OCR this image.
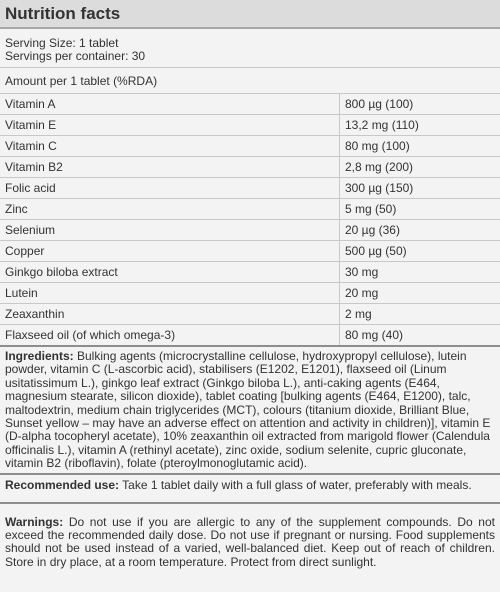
Nutrition facts
Serving Size: 1 tablet
Servings per container: 30
Amount per 1 tablet (%RDA)
Vitamin A	800 µg (100)
Vitamin E	13,2 mg (110)
Vitamin C	80 mg (100)
Vitamin B2	2,8 mg (200)
Folic acid	300 µg (150)
Zinc	5 mg (50)
Selenium	20 µg (36)
Copper	500 µg (50)
Ginkgo biloba extract	30 mg
Lutein	20 mg
Zeaxanthin	2 mg
Flaxseed oil (of which omega-3)	80 mg (40)
Ingredients: Bulking agents (microcrystalline cellulose, hydroxypropyl cellulose), lutein powder, vitamin C (L-ascorbic acid), stabilisers (E1202, E1201), flaxseed oil (Linum usitatissimum L.), ginkgo leaf extract (Ginkgo biloba L.), anti-caking agents (E464, magnesium stearate, silicon dioxide), tablet coating [bulking agents (E464, E1200), talc, maltodextrin, medium chain triglycerides (MCT), colours (titanium dioxide, Brilliant Blue, Sunset yellow – may have an adverse effect on attention and activity in children)], vitamin E (D-alpha tocopheryl acetate), 10% zeaxanthin oil extracted from marigold flower (Calendula officinalis L.), vitamin A (rethinyl acetate), zinc oxide, sodium selenite, cupric gluconate, vitamin B2 (riboflavin), folate (pteroylmonoglutamic acid).
Recommended use: Take 1 tablet daily with a full glass of water, preferably with meals.
Warnings: Do not use if you are allergic to any of the supplement compounds. Do not exceed the recommended daily dose. Do not use if pregnant or nursing. Food supplements should not be used instead of a varied, well-balanced diet. Keep out of reach of children. Store in dry place, at a room temperature. Protect from direct sunlight.
